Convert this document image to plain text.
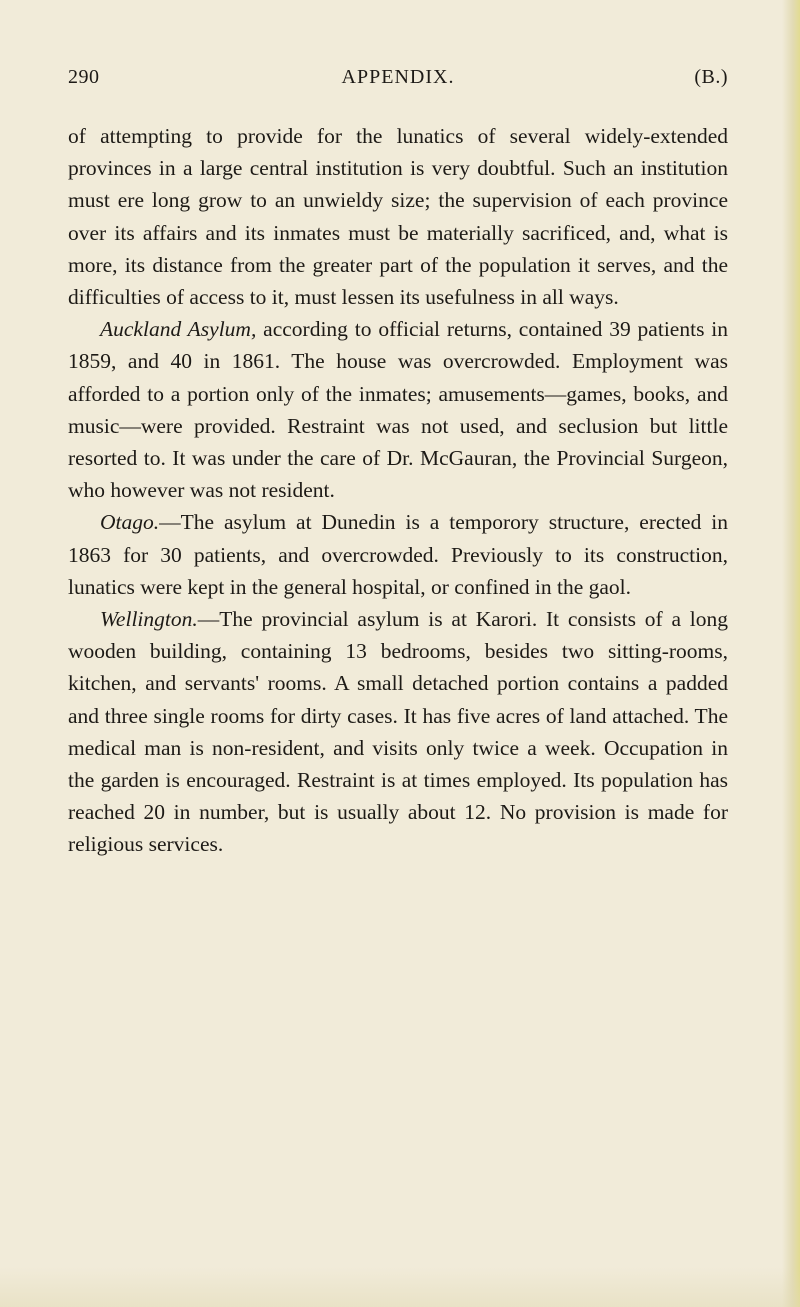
290	APPENDIX.	(B.)

of attempting to provide for the lunatics of several widely-extended provinces in a large central institution is very doubtful. Such an institution must ere long grow to an unwieldy size; the supervision of each province over its affairs and its inmates must be materially sacrificed, and, what is more, its distance from the greater part of the population it serves, and the difficulties of access to it, must lessen its usefulness in all ways.

Auckland Asylum, according to official returns, contained 39 patients in 1859, and 40 in 1861. The house was overcrowded. Employment was afforded to a portion only of the inmates; amusements—games, books, and music—were provided. Restraint was not used, and seclusion but little resorted to. It was under the care of Dr. McGauran, the Provincial Surgeon, who however was not resident.

Otago.—The asylum at Dunedin is a temporory structure, erected in 1863 for 30 patients, and overcrowded. Previously to its construction, lunatics were kept in the general hospital, or confined in the gaol.

Wellington.—The provincial asylum is at Karori. It consists of a long wooden building, containing 13 bedrooms, besides two sitting-rooms, kitchen, and servants' rooms. A small detached portion contains a padded and three single rooms for dirty cases. It has five acres of land attached. The medical man is non-resident, and visits only twice a week. Occupation in the garden is encouraged. Restraint is at times employed. Its population has reached 20 in number, but is usually about 12. No provision is made for religious services.
